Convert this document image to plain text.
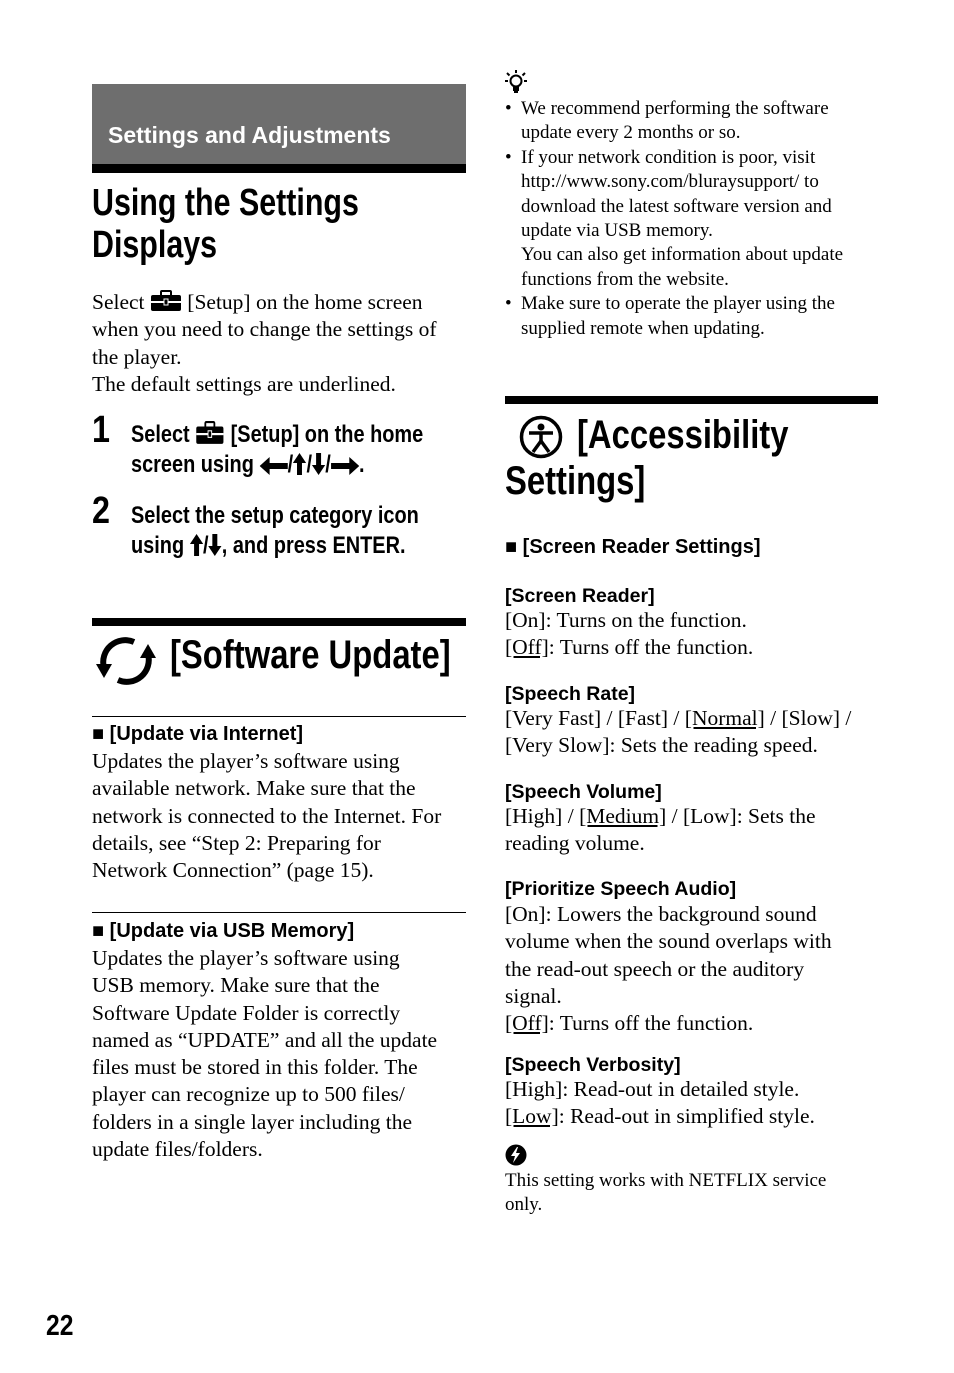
Settings and Adjustments
Using the Settings
Displays
Select [Setup] on the home screen
when you need to change the settings of
the player.
The default settings are underlined.
1 Select [Setup] on the home
screen using / / / .
2 Select the setup category icon
using / , and press ENTER.
[Software Update]
■ [Update via Internet]
Updates the player’s software using
available network. Make sure that the
network is connected to the Internet. For
details, see “Step 2: Preparing for
Network Connection” (page 15).
■ [Update via USB Memory]
Updates the player’s software using
USB memory. Make sure that the
Software Update Folder is correctly
named as “UPDATE” and all the update
files must be stored in this folder. The
player can recognize up to 500 files/
folders in a single layer including the
update files/folders.
• We recommend performing the software
update every 2 months or so.
• If your network condition is poor, visit
http://www.sony.com/bluraysupport/ to
download the latest software version and
update via USB memory.
You can also get information about update
functions from the website.
• Make sure to operate the player using the
supplied remote when updating.
[Accessibility
Settings]
■ [Screen Reader Settings]
[Screen Reader]
[On]: Turns on the function.
[Off]: Turns off the function.
[Speech Rate]
[Very Fast] / [Fast] / [Normal] / [Slow] /
[Very Slow]: Sets the reading speed.
[Speech Volume]
[High] / [Medium] / [Low]: Sets the
reading volume.
[Prioritize Speech Audio]
[On]: Lowers the background sound
volume when the sound overlaps with
the read-out speech or the auditory
signal.
[Off]: Turns off the function.
[Speech Verbosity]
[High]: Read-out in detailed style.
[Low]: Read-out in simplified style.
This setting works with NETFLIX service
only.
22
